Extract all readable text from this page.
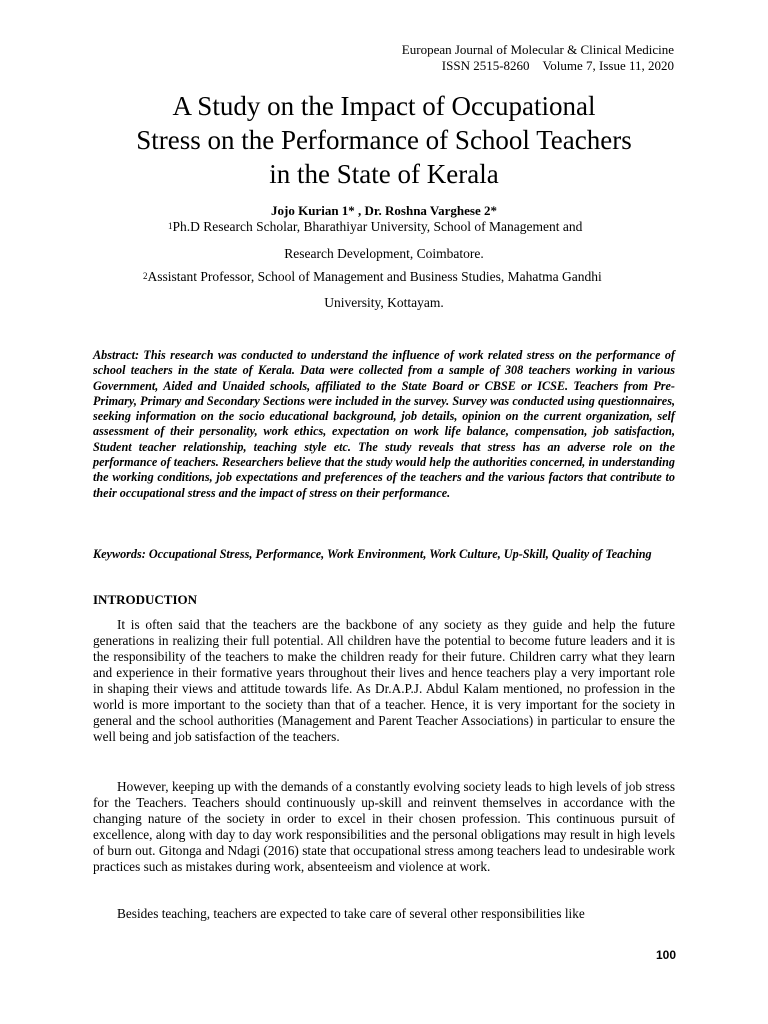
European Journal of Molecular & Clinical Medicine
ISSN 2515-8260 Volume 7, Issue 11, 2020
A Study on the Impact of Occupational
Stress on the Performance of School Teachers
in the State of Kerala
Jojo Kurian 1* , Dr. Roshna Varghese 2*
$^1$Ph.D Research Scholar, Bharathiyar University, School of Management and
Research Development, Coimbatore.
$^2$Assistant Professor, School of Management and Business Studies, Mahatma Gandhi
University, Kottayam.
Abstract: This research was conducted to understand the influence of work related stress on the performance of school teachers in the state of Kerala. Data were collected from a sample of 308 teachers working in various Government, Aided and Unaided schools, affiliated to the State Board or CBSE or ICSE. Teachers from Pre-Primary, Primary and Secondary Sections were included in the survey. Survey was conducted using questionnaires, seeking information on the socio educational background, job details, opinion on the current organization, self assessment of their personality, work ethics, expectation on work life balance, compensation, job satisfaction, Student teacher relationship, teaching style etc. The study reveals that stress has an adverse role on the performance of teachers. Researchers believe that the study would help the authorities concerned, in understanding the working conditions, job expectations and preferences of the teachers and the various factors that contribute to their occupational stress and the impact of stress on their performance.
Keywords: Occupational Stress, Performance, Work Environment, Work Culture, Up-Skill, Quality of Teaching
INTRODUCTION

It is often said that the teachers are the backbone of any society as they guide and help the future generations in realizing their full potential. All children have the potential to become future leaders and it is the responsibility of the teachers to make the children ready for their future. Children carry what they learn and experience in their formative years throughout their lives and hence teachers play a very important role in shaping their views and attitude towards life. As Dr.A.P.J. Abdul Kalam mentioned, no profession in the world is more important to the society than that of a teacher. Hence, it is very important for the society in general and the school authorities (Management and Parent Teacher Associations) in particular to ensure the well being and job satisfaction of the teachers.

However, keeping up with the demands of a constantly evolving society leads to high levels of job stress for the Teachers. Teachers should continuously up-skill and reinvent themselves in accordance with the changing nature of the society in order to excel in their chosen profession. This continuous pursuit of excellence, along with day to day work responsibilities and the personal obligations may result in high levels of burn out. Gitonga and Ndagi (2016) state that occupational stress among teachers lead to undesirable work practices such as mistakes during work, absenteeism and violence at work.

Besides teaching, teachers are expected to take care of several other responsibilities like

100
